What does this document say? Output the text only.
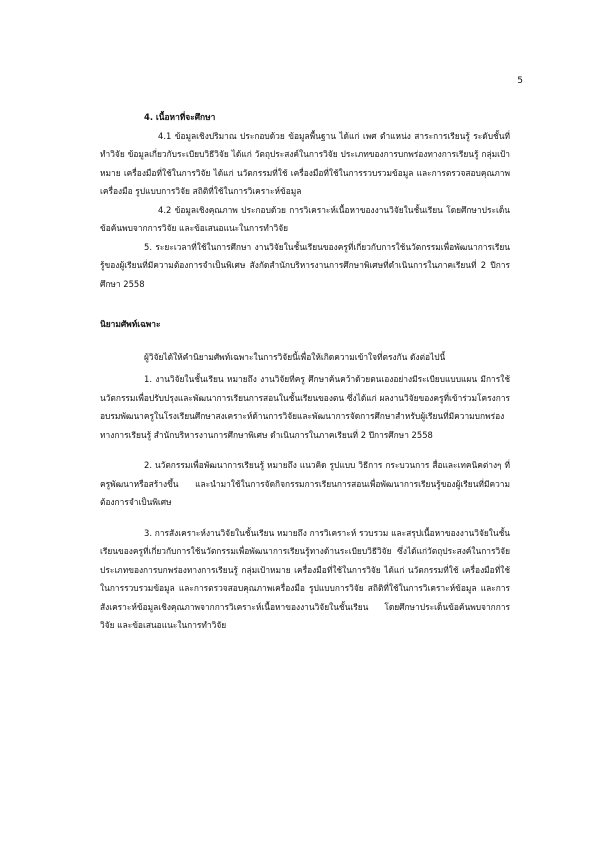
5

4. เนื้อหาที่จะศึกษา

4.1 ข้อมูลเชิงปริมาณ ประกอบด้วย ข้อมูลพื้นฐาน ได้แก่ เพศ ตำแหน่ง สาระการเรียนรู้ ระดับชั้นที่ทำวิจัย ข้อมูลเกี่ยวกับระเบียบวิธีวิจัย ได้แก่ วัตถุประสงค์ในการวิจัย ประเภทของการบกพร่องทางการเรียนรู้ กลุ่มเป้าหมาย เครื่องมือที่ใช้ในการวิจัย ได้แก่ นวัตกรรมที่ใช้ เครื่องมือที่ใช้ในการรวบรวมข้อมูล และการตรวจสอบคุณภาพเครื่องมือ รูปแบบการวิจัย สถิติที่ใช้ในการวิเคราะห์ข้อมูล

4.2 ข้อมูลเชิงคุณภาพ ประกอบด้วย การวิเคราะห์เนื้อหาของงานวิจัยในชั้นเรียน โดยศึกษาประเด็นข้อค้นพบจากการวิจัย และข้อเสนอแนะในการทำวิจัย

5. ระยะเวลาที่ใช้ในการศึกษา งานวิจัยในชั้นเรียนของครูที่เกี่ยวกับการใช้นวัตกรรมเพื่อพัฒนาการเรียนรู้ของผู้เรียนที่มีความต้องการจำเป็นพิเศษ สังกัดสำนักบริหารงานการศึกษาพิเศษที่ดำเนินการในภาคเรียนที่ 2 ปีการศึกษา 2558

นิยามศัพท์เฉพาะ

ผู้วิจัยได้ให้คำนิยามศัพท์เฉพาะในการวิจัยนี้เพื่อให้เกิดความเข้าใจที่ตรงกัน ดังต่อไปนี้

1. งานวิจัยในชั้นเรียน หมายถึง งานวิจัยที่ครู ศึกษาค้นคว้าด้วยตนเองอย่างมีระเบียบแบบแผน มีการใช้นวัตกรรมเพื่อปรับปรุงและพัฒนาการเรียนการสอนในชั้นเรียนของตน ซึ่งได้แก่ ผลงานวิจัยของครูที่เข้าร่วมโครงการอบรมพัฒนาครูในโรงเรียนศึกษาสงเคราะห์ด้านการวิจัยและพัฒนาการจัดการศึกษาสำหรับผู้เรียนที่มีความบกพร่องทางการเรียนรู้ สำนักบริหารงานการศึกษาพิเศษ ดำเนินการในภาคเรียนที่ 2 ปีการศึกษา 2558

2. นวัตกรรมเพื่อพัฒนาการเรียนรู้ หมายถึง แนวคิด รูปแบบ วิธีการ กระบวนการ สื่อและเทคนิคต่างๆ ที่ครูพัฒนาหรือสร้างขึ้น และนำมาใช้ในการจัดกิจกรรมการเรียนการสอนเพื่อพัฒนาการเรียนรู้ของผู้เรียนที่มีความต้องการจำเป็นพิเศษ

3. การสังเคราะห์งานวิจัยในชั้นเรียน หมายถึง การวิเคราะห์ รวบรวม และสรุปเนื้อหาของงานวิจัยในชั้นเรียนของครูที่เกี่ยวกับการใช้นวัตกรรมเพื่อพัฒนาการเรียนรู้ทางด้านระเบียบวิธีวิจัย ซึ่งได้แก่วัตถุประสงค์ในการวิจัย ประเภทของการบกพร่องทางการเรียนรู้ กลุ่มเป้าหมาย เครื่องมือที่ใช้ในการวิจัย ได้แก่ นวัตกรรมที่ใช้ เครื่องมือที่ใช้ในการรวบรวมข้อมูล และการตรวจสอบคุณภาพเครื่องมือ รูปแบบการวิจัย สถิติที่ใช้ในการวิเคราะห์ข้อมูล และการสังเคราะห์ข้อมูลเชิงคุณภาพจากการวิเคราะห์เนื้อหาของงานวิจัยในชั้นเรียน โดยศึกษาประเด็นข้อค้นพบจากการวิจัย และข้อเสนอแนะในการทำวิจัย
